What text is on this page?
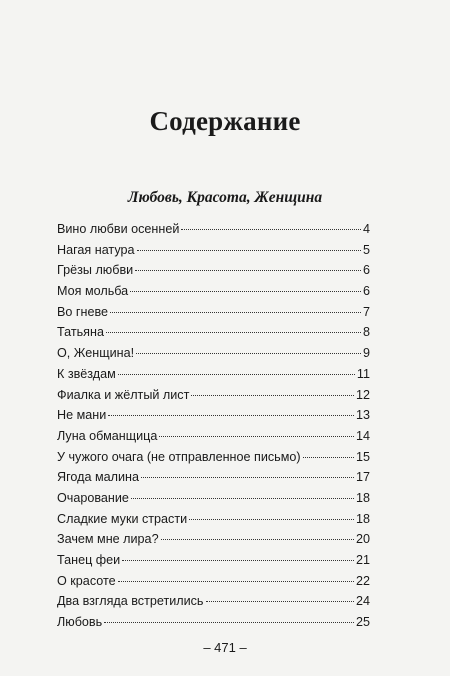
Содержание
Любовь, Красота, Женщина
Вино любви осенней	4
Нагая натура	5
Грёзы любви	6
Моя мольба	6
Во гневе	7
Татьяна	8
О, Женщина!	9
К звёздам	11
Фиалка и жёлтый лист	12
Не мани	13
Луна обманщица	14
У чужого очага (не отправленное письмо)	15
Ягода малина	17
Очарование	18
Сладкие муки страсти	18
Зачем мне лира?	20
Танец феи	21
О красоте	22
Два взгляда встретились	24
Любовь	25
– 471 –
